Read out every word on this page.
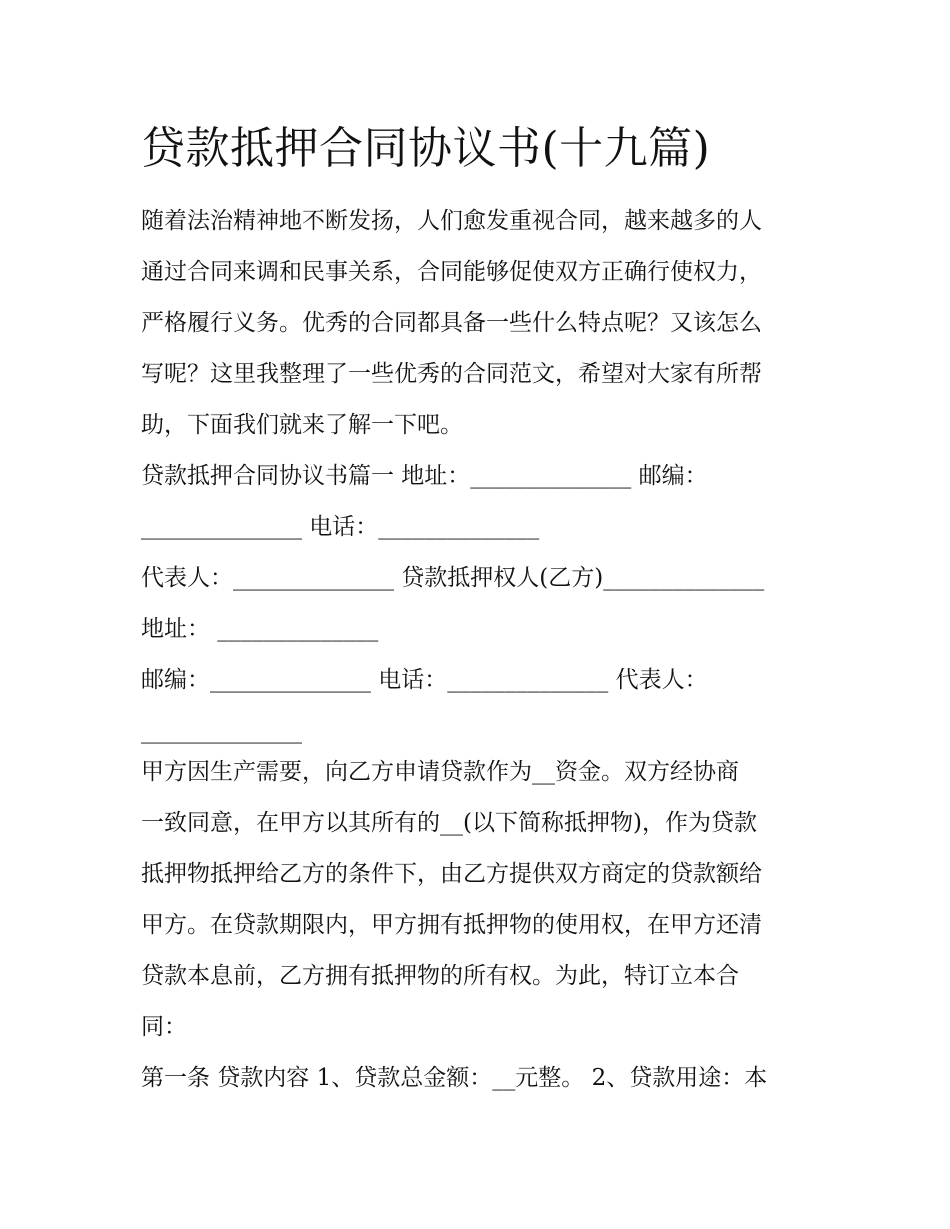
贷款抵押合同协议书(十九篇)

随着法治精神地不断发扬，人们愈发重视合同，越来越多的人

通过合同来调和民事关系，合同能够促使双方正确行使权力，

严格履行义务。优秀的合同都具备一些什么特点呢？又该怎么

写呢？这里我整理了一些优秀的合同范文，希望对大家有所帮

助，下面我们就来了解一下吧。

贷款抵押合同协议书篇一 地址：______________ 邮编：

______________ 电话：______________

代表人：______________ 贷款抵押权人(乙方)______________

地址： ______________

邮编：______________ 电话：______________ 代表人：

______________

甲方因生产需要，向乙方申请贷款作为__资金。双方经协商

一致同意，在甲方以其所有的__(以下简称抵押物)，作为贷款

抵押物抵押给乙方的条件下，由乙方提供双方商定的贷款额给

甲方。在贷款期限内，甲方拥有抵押物的使用权，在甲方还清

贷款本息前，乙方拥有抵押物的所有权。为此，特订立本合

同：

第一条 贷款内容 1、贷款总金额：__元整。 2、贷款用途：本
